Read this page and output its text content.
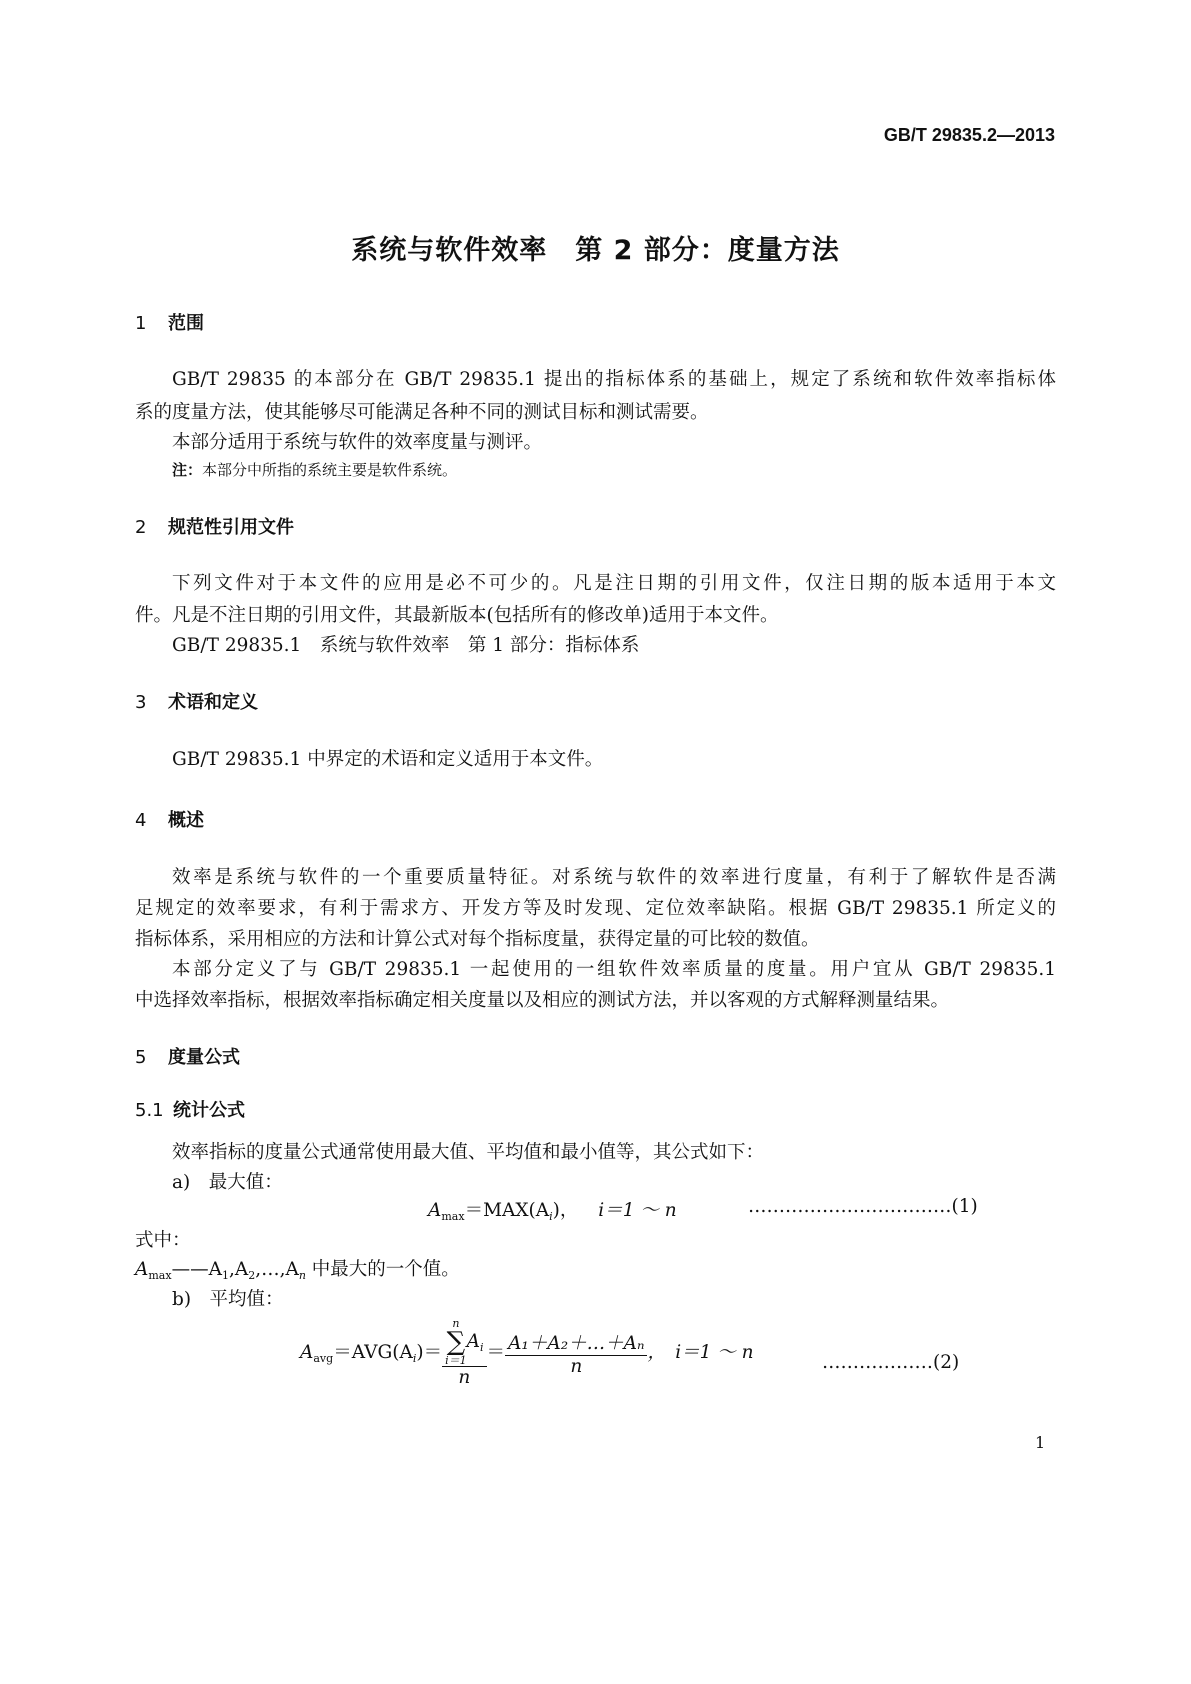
GB/T 29835.2—2013
系统与软件效率　第 2 部分：度量方法
1 范围
GB/T 29835 的本部分在 GB/T 29835.1 提出的指标体系的基础上，规定了系统和软件效率指标体
系的度量方法，使其能够尽可能满足各种不同的测试目标和测试需要。
本部分适用于系统与软件的效率度量与测评。
注：本部分中所指的系统主要是软件系统。
2 规范性引用文件
下列文件对于本文件的应用是必不可少的。凡是注日期的引用文件，仅注日期的版本适用于本文
件。凡是不注日期的引用文件，其最新版本(包括所有的修改单)适用于本文件。
GB/T 29835.1　系统与软件效率　第 1 部分：指标体系
3 术语和定义
GB/T 29835.1 中界定的术语和定义适用于本文件。
4 概述
效率是系统与软件的一个重要质量特征。对系统与软件的效率进行度量，有利于了解软件是否满
足规定的效率要求，有利于需求方、开发方等及时发现、定位效率缺陷。根据 GB/T 29835.1 所定义的
指标体系，采用相应的方法和计算公式对每个指标度量，获得定量的可比较的数值。
本部分定义了与 GB/T 29835.1 一起使用的一组软件效率质量的度量。用户宜从 GB/T 29835.1
中选择效率指标，根据效率指标确定相关度量以及相应的测试方法，并以客观的方式解释测量结果。
5 度量公式
5.1 统计公式
效率指标的度量公式通常使用最大值、平均值和最小值等，其公式如下：
a)　最大值：
$A_{max}=MAX(A_i)$， i＝1 ～ n	……………………………(1)
式中：
$A_{max}——A_1,A_2,\dots,A_n$ 中最大的一个值。
b)　平均值：
$A_{avg}=AVG(A_i)= n$
∑
i＝1
$A_i$
$n = \frac{\text{A₁＋A₂＋…＋Aₙ}}{n}$ ，　i＝1 ～ n	………………(2)
1
